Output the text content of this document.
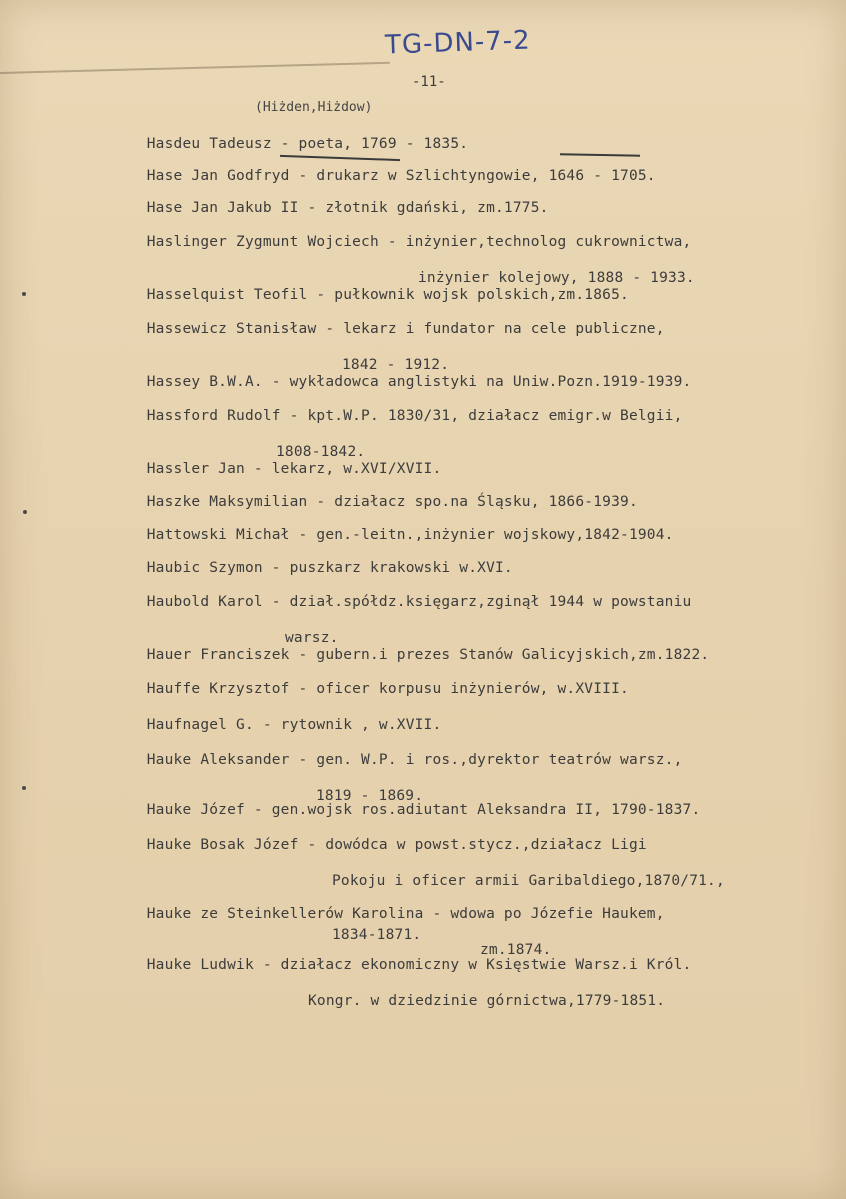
TG-DN-7-2
-11-
(Hiżden,Hiżdow)

Hasdeu Tadeusz - poeta, 1769 - 1835.

Hase Jan Godfryd - drukarz w Szlichtyngowie, 1646 - 1705.

Hase Jan Jakub II - złotnik gdański, zm.1775.

Haslinger Zygmunt Wojciech - inżynier,technolog cukrownictwa,

inżynier kolejowy, 1888 - 1933.

Hasselquist Teofil - pułkownik wojsk polskich,zm.1865.

Hassewicz Stanisław - lekarz i fundator na cele publiczne,

1842 - 1912.

Hassey B.W.A. - wykładowca anglistyki na Uniw.Pozn.1919-1939.

Hassford Rudolf - kpt.W.P. 1830/31, działacz emigr.w Belgii,

1808-1842.

Hassler Jan - lekarz, w.XVI/XVII.

Haszke Maksymilian - działacz spo.na Śląsku, 1866-1939.

Hattowski Michał - gen.-leitn.,inżynier wojskowy,1842-1904.

Haubic Szymon - puszkarz krakowski w.XVI.

Haubold Karol - dział.spółdz.księgarz,zginął 1944 w powstaniu

warsz.

Hauer Franciszek - gubern.i prezes Stanów Galicyjskich,zm.1822.

Hauffe Krzysztof - oficer korpusu inżynierów, w.XVIII.

Haufnagel G. - rytownik , w.XVII.

Hauke Aleksander - gen. W.P. i ros.,dyrektor teatrów warsz.,

1819 - 1869.

Hauke Józef - gen.wojsk ros.adiutant Aleksandra II, 1790-1837.

Hauke Bosak Józef - dowódca w powst.stycz.,działacz Ligi

Pokoju i oficer armii Garibaldiego,1870/71.,

1834-1871.

Hauke ze Steinkellerów Karolina - wdowa po Józefie Haukem,

zm.1874.

Hauke Ludwik - działacz ekonomiczny w Księstwie Warsz.i Król.

Kongr. w dziedzinie górnictwa,1779-1851.
